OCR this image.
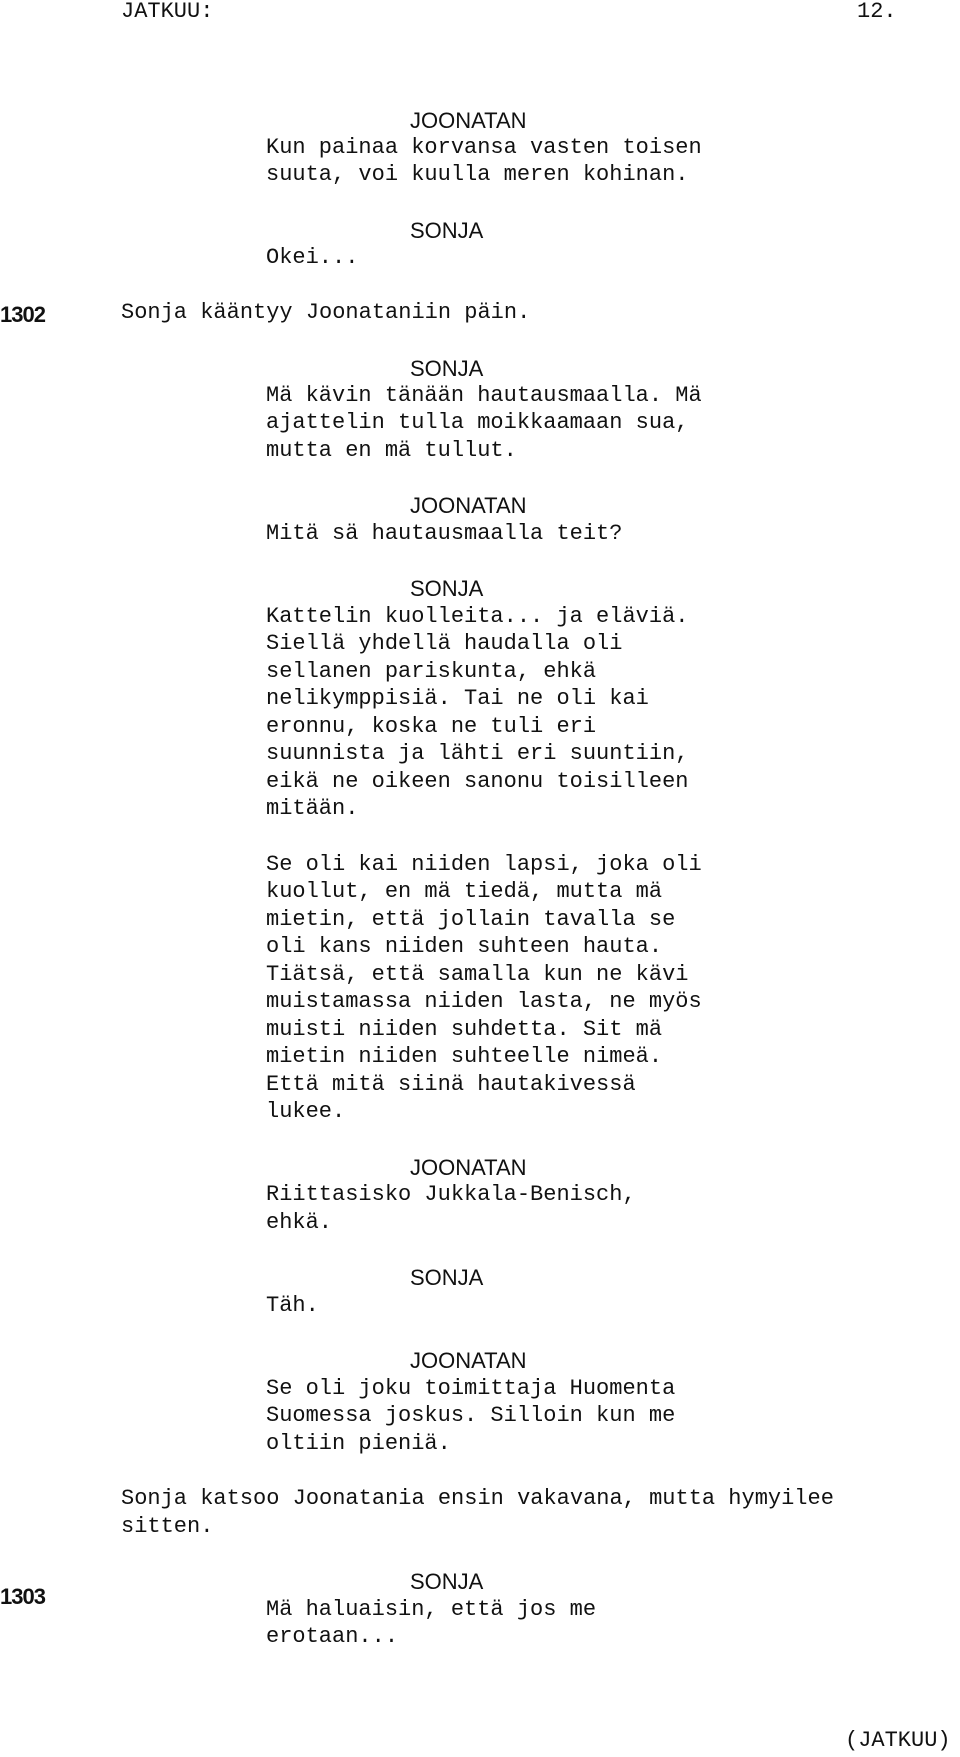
JATKUU:	12.
JOONATAN
Kun painaa korvansa vasten toisen
suuta, voi kuulla meren kohinan.
SONJA
Okei...
1302	Sonja kääntyy Joonataniin päin.
SONJA
Mä kävin tänään hautausmaalla. Mä
ajattelin tulla moikkaamaan sua,
mutta en mä tullut.
JOONATAN
Mitä sä hautausmaalla teit?
SONJA
Kattelin kuolleita... ja eläviä.
Siellä yhdellä haudalla oli
sellanen pariskunta, ehkä
nelikymppisiä. Tai ne oli kai
eronnu, koska ne tuli eri
suunnista ja lähti eri suuntiin,
eikä ne oikeen sanonu toisilleen
mitään.
Se oli kai niiden lapsi, joka oli
kuollut, en mä tiedä, mutta mä
mietin, että jollain tavalla se
oli kans niiden suhteen hauta.
Tiätsä, että samalla kun ne kävi
muistamassa niiden lasta, ne myös
muisti niiden suhdetta. Sit mä
mietin niiden suhteelle nimeä.
Että mitä siinä hautakivessä
lukee.
JOONATAN
Riittasisko Jukkala-Benisch,
ehkä.
SONJA
Täh.
JOONATAN
Se oli joku toimittaja Huomenta
Suomessa joskus. Silloin kun me
oltiin pieniä.
Sonja katsoo Joonatania ensin vakavana, mutta hymyilee
sitten.
1303
SONJA
Mä haluaisin, että jos me
erotaan...
(JATKUU)
